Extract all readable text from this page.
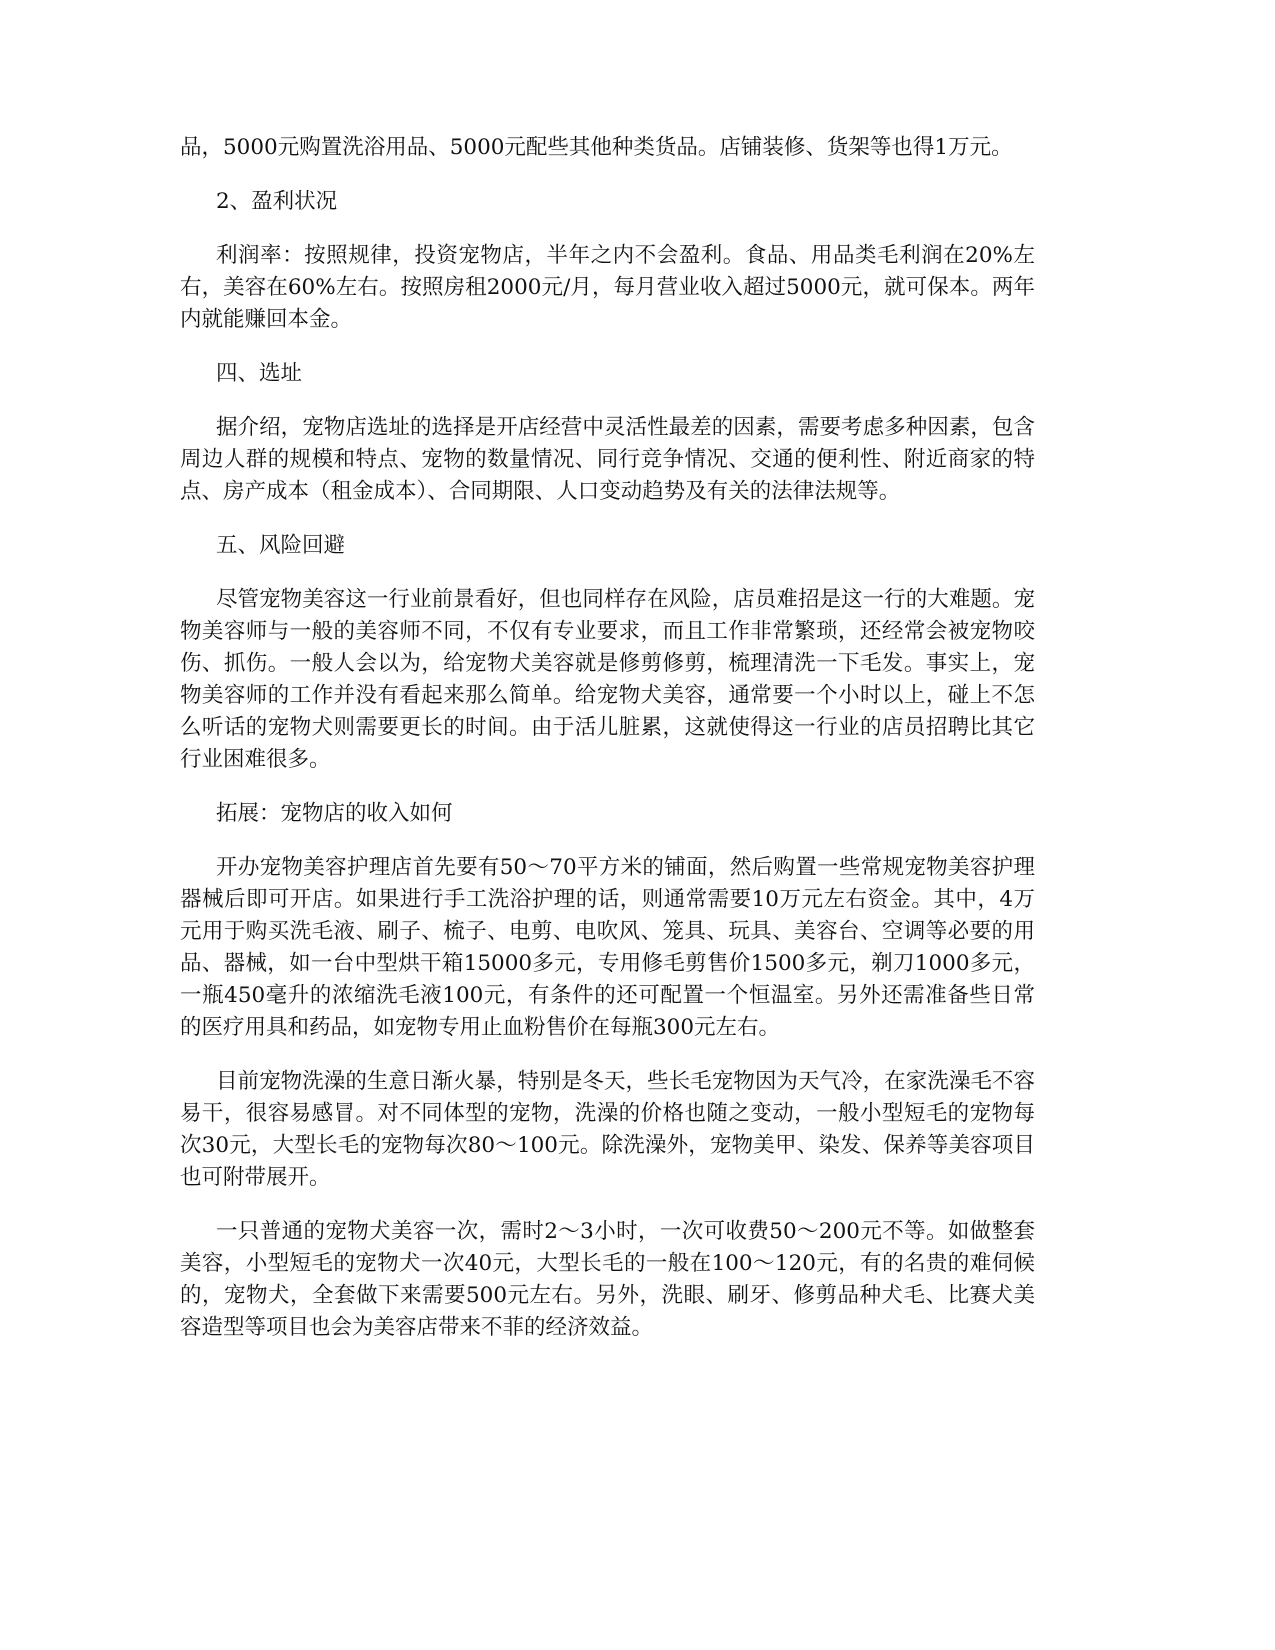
品，5000元购置洗浴用品、5000元配些其他种类货品。店铺装修、货架等也得1万元。

2、盈利状况

利润率：按照规律，投资宠物店，半年之内不会盈利。食品、用品类毛利润在20%左右，美容在60%左右。按照房租2000元/月，每月营业收入超过5000元，就可保本。两年内就能赚回本金。

四、选址

据介绍，宠物店选址的选择是开店经营中灵活性最差的因素，需要考虑多种因素，包含周边人群的规模和特点、宠物的数量情况、同行竞争情况、交通的便利性、附近商家的特点、房产成本（租金成本）、合同期限、人口变动趋势及有关的法律法规等。

五、风险回避

尽管宠物美容这一行业前景看好，但也同样存在风险，店员难招是这一行的大难题。宠物美容师与一般的美容师不同，不仅有专业要求，而且工作非常繁琐，还经常会被宠物咬伤、抓伤。一般人会以为，给宠物犬美容就是修剪修剪，梳理清洗一下毛发。事实上，宠物美容师的工作并没有看起来那么简单。给宠物犬美容，通常要一个小时以上，碰上不怎么听话的宠物犬则需要更长的时间。由于活儿脏累，这就使得这一行业的店员招聘比其它行业困难很多。

拓展：宠物店的收入如何

开办宠物美容护理店首先要有50～70平方米的铺面，然后购置一些常规宠物美容护理器械后即可开店。如果进行手工洗浴护理的话，则通常需要10万元左右资金。其中，4万元用于购买洗毛液、刷子、梳子、电剪、电吹风、笼具、玩具、美容台、空调等必要的用品、器械，如一台中型烘干箱15000多元，专用修毛剪售价1500多元，剃刀1000多元，一瓶450毫升的浓缩洗毛液100元，有条件的还可配置一个恒温室。另外还需准备些日常的医疗用具和药品，如宠物专用止血粉售价在每瓶300元左右。

目前宠物洗澡的生意日渐火暴，特别是冬天，些长毛宠物因为天气冷，在家洗澡毛不容易干，很容易感冒。对不同体型的宠物，洗澡的价格也随之变动，一般小型短毛的宠物每次30元，大型长毛的宠物每次80～100元。除洗澡外，宠物美甲、染发、保养等美容项目也可附带展开。

一只普通的宠物犬美容一次，需时2～3小时，一次可收费50～200元不等。如做整套美容，小型短毛的宠物犬一次40元，大型长毛的一般在100～120元，有的名贵的难伺候的，宠物犬，全套做下来需要500元左右。另外，洗眼、刷牙、修剪品种犬毛、比赛犬美容造型等项目也会为美容店带来不菲的经济效益。
